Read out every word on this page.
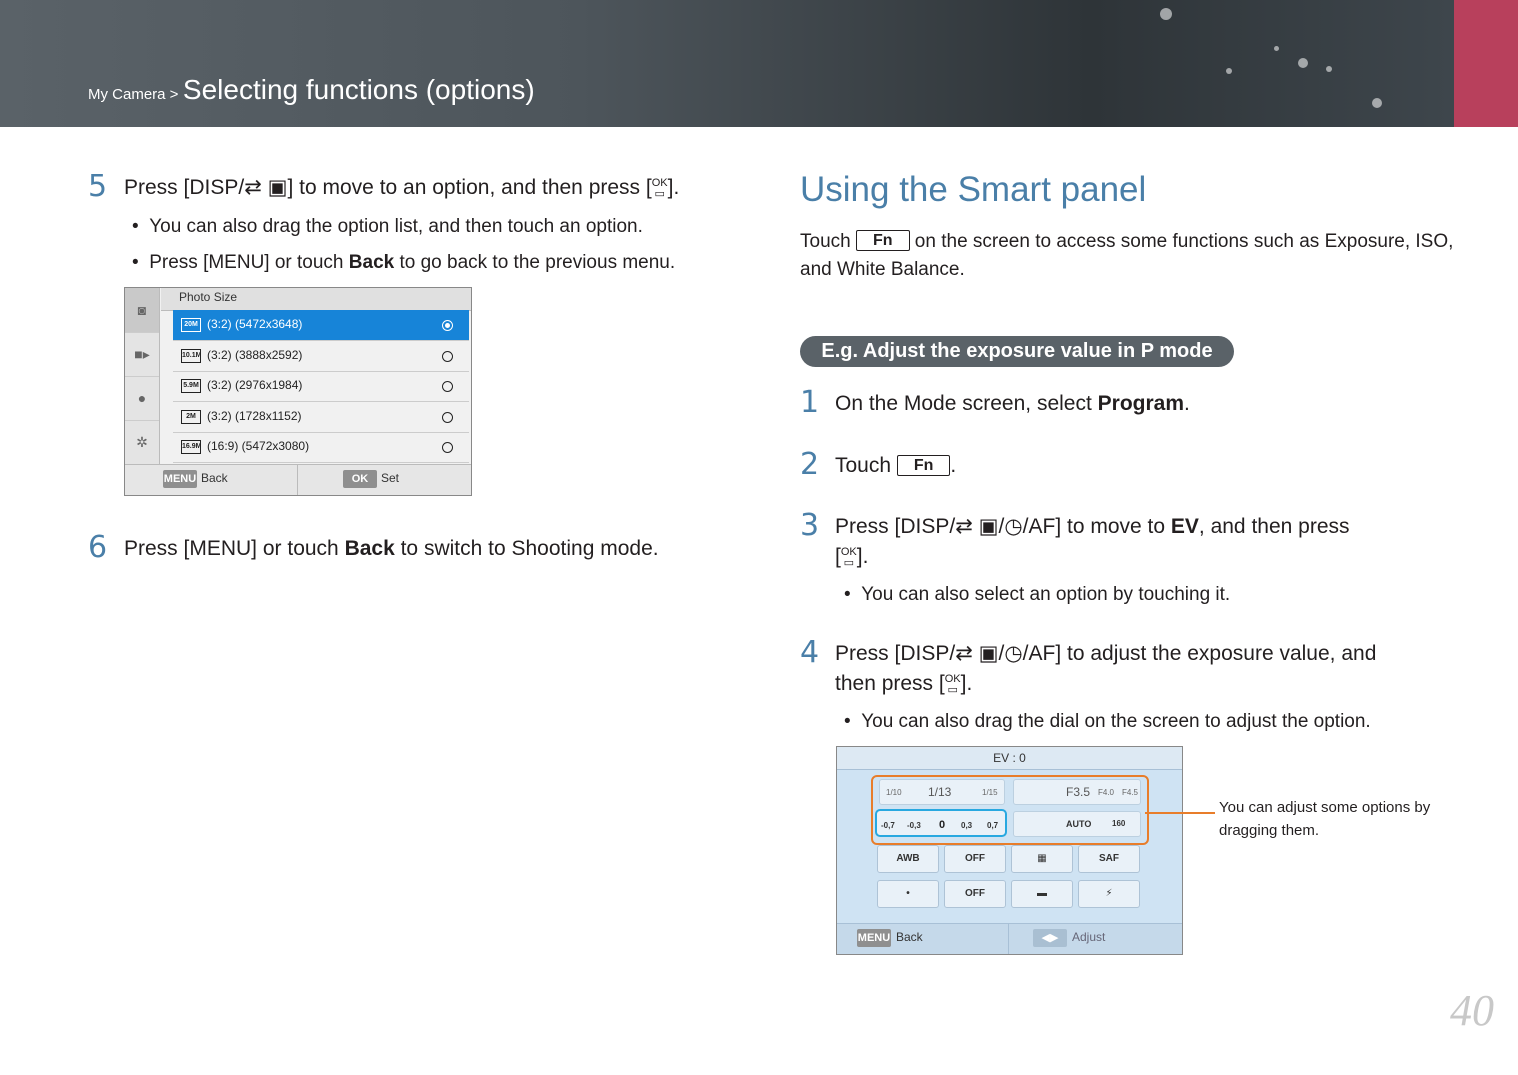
My Camera > Selecting functions (options)
5 Press [DISP/⇄ ▣] to move to an option, and then press [OK
▭ ].
•  You can also drag the option list, and then touch an option.
•  Press [MENU] or touch Back to go back to the previous menu.
◙
■▸
●
✲
Photo Size
20M (3:2) (5472x3648)
10.1M (3:2) (3888x2592)
5.9M (3:2) (2976x1984)
2M (3:2) (1728x1152)
16.9M (16:9) (5472x3080)
MENU Back	OK	Set
6 Press [MENU] or touch Back to switch to Shooting mode.
Using the Smart panel
Touch Fn on the screen to access some functions such as Exposure, ISO, and White Balance.
E.g. Adjust the exposure value in P mode
1 On the Mode screen, select Program.
2 Touch Fn .
3 Press [DISP/⇄ ▣/◷/AF] to move to EV, and then press
[OK
▭ ].
•  You can also select an option by touching it.
4 Press [DISP/⇄ ▣/◷/AF] to adjust the exposure value, and
then press [OK
▭ ].
•  You can also drag the dial on the screen to adjust the option.
EV : 0
1/10 1/13	1/15	F3.5 F4.0 F4.5
-0,7 -0,3 0 0,3 0,7	AUTO	160
AWB	OFF	▦	SAF
•	OFF	▬	⚡
MENU Back	◀▶	Adjust
You can adjust some options by
dragging them.
40
